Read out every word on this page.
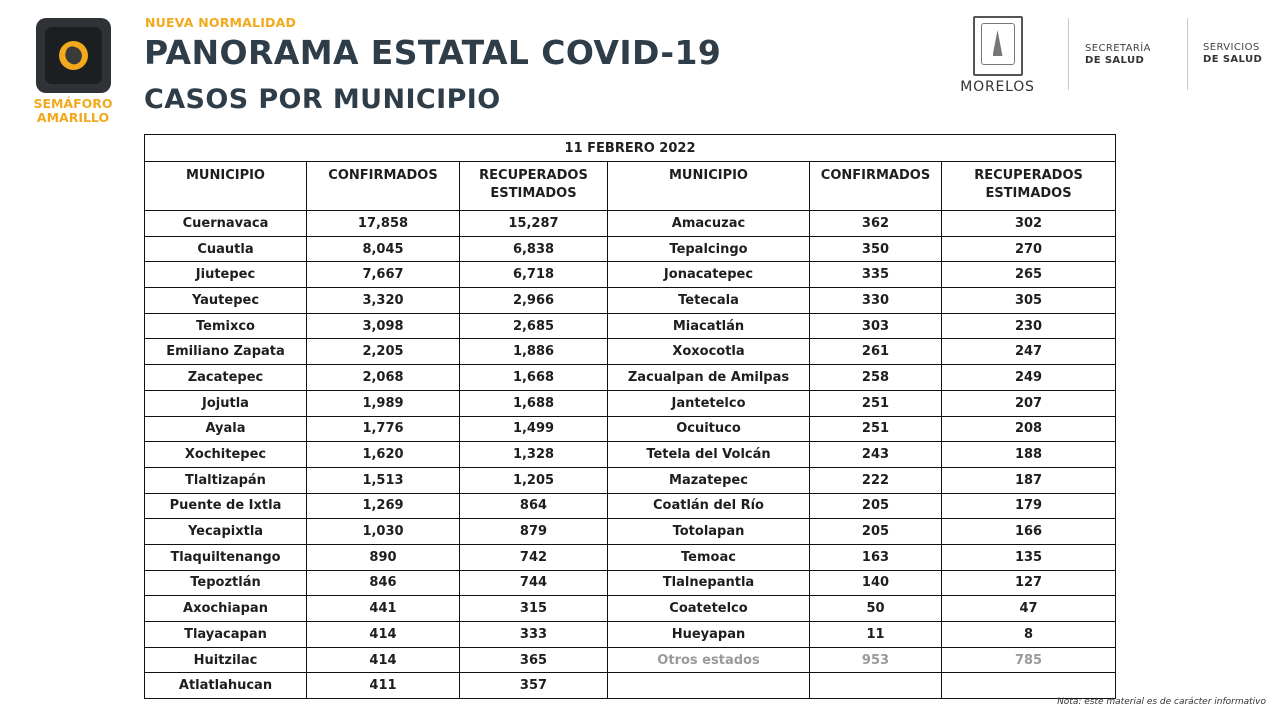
SEMÁFORO
AMARILLO
NUEVA NORMALIDAD
PANORAMA ESTATAL COVID-19
CASOS POR MUNICIPIO	MORELOS
SECRETARÍA
DE SALUD
SERVICIOS
DE SALUD
11 FEBRERO 2022					
MUNICIPIO	CONFIRMADOS	RECUPERADOS ESTIMADOS	MUNICIPIO	CONFIRMADOS	RECUPERADOS ESTIMADOS
Cuernavaca	17,858	15,287	Amacuzac	362	302
Cuautla	8,045	6,838	Tepalcingo	350	270
Jiutepec	7,667	6,718	Jonacatepec	335	265
Yautepec	3,320	2,966	Tetecala	330	305
Temixco	3,098	2,685	Miacatlán	303	230
Emiliano Zapata	2,205	1,886	Xoxocotla	261	247
Zacatepec	2,068	1,668	Zacualpan de Amilpas	258	249
Jojutla	1,989	1,688	Jantetelco	251	207
Ayala	1,776	1,499	Ocuituco	251	208
Xochitepec	1,620	1,328	Tetela del Volcán	243	188
Tlaltizapán	1,513	1,205	Mazatepec	222	187
Puente de Ixtla	1,269	864	Coatlán del Río	205	179
Yecapixtla	1,030	879	Totolapan	205	166
Tlaquiltenango	890	742	Temoac	163	135
Tepoztlán	846	744	Tlalnepantla	140	127
Axochiapan	441	315	Coatetelco	50	47
Tlayacapan	414	333	Hueyapan	11	8
Huitzilac	414	365	Otros estados	953	785
Atlatlahucan	411	357			
Nota: este material es de carácter informativo
